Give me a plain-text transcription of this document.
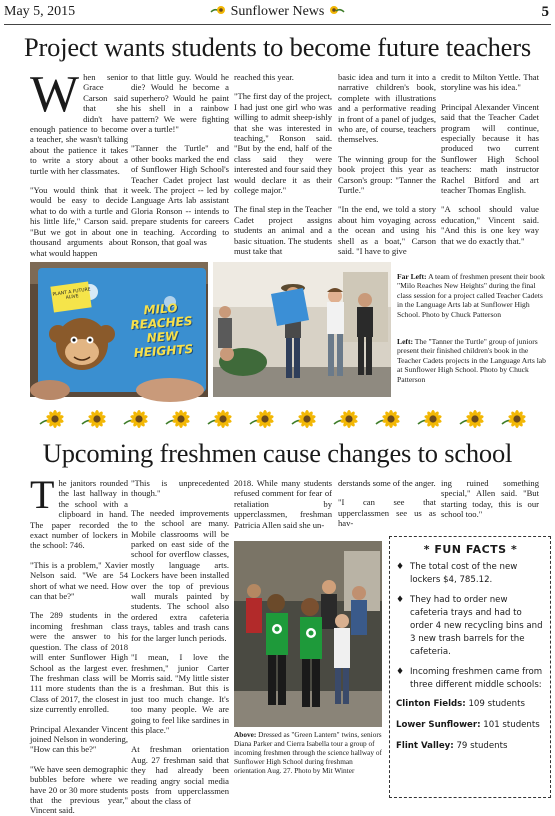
May 5, 2015	Sunflower News	5
Project wants students to become future teachers
W hen senior Grace Carson said that she didn't have enough patience to become a teacher, she wasn't talking about the patience it takes to write a story about a turtle with her classmates.

"You would think that it would be easy to decide what to do with a turtle and his little life," Carson said. "But we got in about one thousand arguments about what would happen

to that little guy. Would he die? Would he become a superhero? Would he paint his shell in a rainbow pattern? We were fighting over a turtle!"

"Tanner the Turtle" and other books marked the end of Sunflower High School's Teacher Cadet project last week. The project -- led by Language Arts lab assistant Gloria Ronson -- intends to prepare students for careers in teaching. According to Ronson, that goal was

reached this year.

"The first day of the project, I had just one girl who was willing to admit sheep-ishly that she was interested in teaching," Ronson said. "But by the end, half of the class said they were interested and four said they would declare it as their college major."

The final step in the Teacher Cadet project assigns students an animal and a basic situation. The students must take that

basic idea and turn it into a narrative children's book, complete with illustrations and a performative reading in front of a panel of judges, who are, of course, teachers themselves.

The winning group for the book project this year as Carson's group: "Tanner the Turtle."

"In the end, we told a story about him voyaging across the ocean and using his shell as a boat," Carson said. "I have to give

credit to Milton Yettle. That storyline was his idea."

Principal Alexander Vincent said that the Teacher Cadet program will continue, especially because it has produced two current Sunflower High School teachers: math instructor Rachel Bitford and art teacher Thomas English.

"A school should value education," Vincent said. "And this is one key way that we do exactly that."

PLANT A FUTURE ALIVE
MILO
REACHES
NEW
HEIGHTS
Far Left: A team of freshmen present their book "Milo Reaches New Heights" during the final class session for a project called Teacher Cadets in the Language Arts lab at Sunflower High School. Photo by Chuck Patterson
Left: The "Tanner the Turtle" group of juniors present their finished children's book in the Teacher Cadets projects in the Language Arts lab at Sunflower High School. Photo by Chuck Patterson
Upcoming freshmen cause changes to school
T he janitors rounded the last hallway in the school with a clipboard in hand. The paper recorded the exact number of lockers in the school: 746.

"This is a problem," Xavier Nelson said. "We are 54 short of what we need. How can that be?"

The 289 students in the incoming freshman class were the answer to his question. The class of 2018 will enter Sunflower High School as the largest ever. The freshman class will be 111 more students than the Class of 2017, the closest in size currently enrolled.

Principal Alexander Vincent joined Nelson in wondering, "How can this be?"

"We have seen demographic bubbles before where we have 20 or 30 more students that the previous year," Vincent said.

"This is unprecedented though."

The needed improvements to the school are many. Mobile classrooms will be parked on east side of the school for overflow classes, mostly language arts. Lockers have been installed over the top of previous wall murals painted by students. The school also ordered extra cafeteria trays, tables and trash cans for the larger lunch periods.

"I mean, I love the freshmen," junior Carter Morris said. "My little sister is a freshman. But this is just too much change. It's too many people. We are going to feel like sardines in this place."

At freshman orientation Aug. 27 freshman said that they had already been reading angry social media posts from upperclassmen about the class of

2018. While many students refused comment for fear of retaliation by upperclassmen, freshman Patricia Allen said she un-

derstands some of the anger.

"I can see that upperclassmen see us as hav-

ing ruined something special," Allen said. "But starting today, this is our school too."

Above: Dressed as "Green Lantern" twins, seniors Diana Parker and Cierra Isabella tour a group of incoming freshmen through the science hallway of Sunflower High School during freshman orientation Aug. 27. Photo by Mit Winter
* FUN FACTS *
♦ The total cost of the new lockers $4, 785.12.
♦ They had to order new cafeteria trays and had to order 4 new recycling bins and 3 new trash barrels for the cafeteria.
♦ Incoming freshmen came from three different middle schools:
Clinton Fields: 109 students
Lower Sunflower: 101 students
Flint Valley: 79 students
